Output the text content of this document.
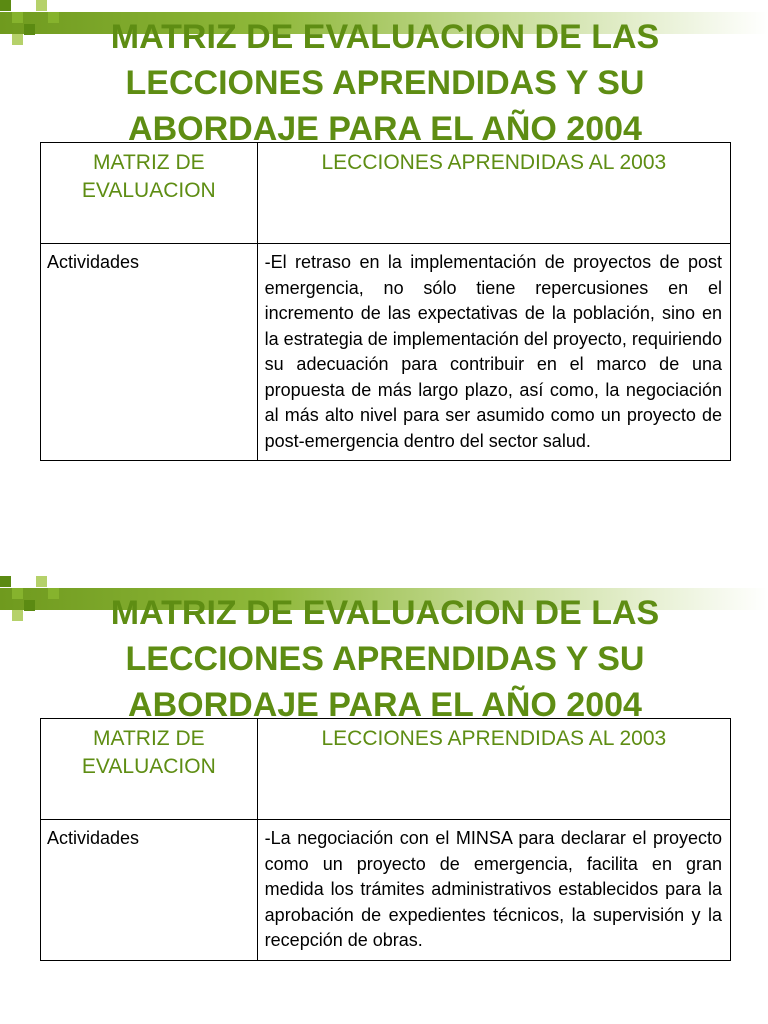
MATRIZ DE EVALUACION DE LAS LECCIONES APRENDIDAS Y SU ABORDAJE PARA EL AÑO 2004
MATRIZ DE EVALUACION	LECCIONES APRENDIDAS AL 2003

Actividades	-El retraso en la implementación de proyectos de post emergencia, no sólo tiene repercusiones en el incremento de las expectativas de la población, sino en la estrategia de implementación del proyecto, requiriendo su adecuación para contribuir en el marco de una propuesta de más largo plazo, así como, la negociación al más alto nivel para ser asumido como un proyecto de post-emergencia dentro del sector salud.
MATRIZ DE EVALUACION DE LAS LECCIONES APRENDIDAS Y SU ABORDAJE PARA EL AÑO 2004
MATRIZ DE EVALUACION	LECCIONES APRENDIDAS AL 2003

Actividades	-La negociación con el MINSA para declarar el proyecto como un proyecto de emergencia, facilita en gran medida los trámites administrativos establecidos para la aprobación de expedientes técnicos, la supervisión y la recepción de obras.
